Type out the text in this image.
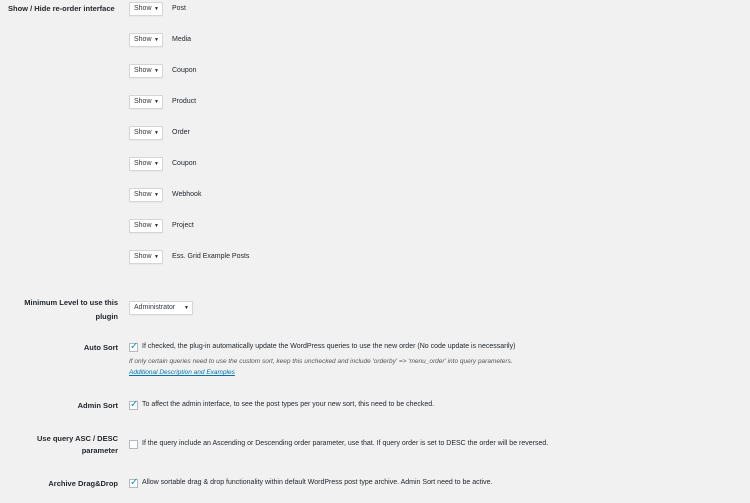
Show / Hide re-order interface	Show ▼ Post
Show ▼ Media
Show ▼ Coupon
Show ▼ Product
Show ▼ Order
Show ▼ Coupon
Show ▼ Webhook
Show ▼ Project
Show ▼ Ess. Grid Example Posts
Minimum Level to use this
plugin
Administrator ▼
Auto Sort ✓ If checked, the plug-in automatically update the WordPress queries to use the new order (No code update is necessarily)
If only certain queries need to use the custom sort, keep this unchecked and include 'orderby' => 'menu_order' into query parameters.
Additional Description and Examples
Admin Sort ✓ To affect the admin interface, to see the post types per your new sort, this need to be checked.
Use query ASC / DESC
parameter
If the query include an Ascending or Descending order parameter, use that. If query order is set to DESC the order will be reversed.
Archive Drag&Drop ✓ Allow sortable drag & drop functionality within default WordPress post type archive. Admin Sort need to be active.
